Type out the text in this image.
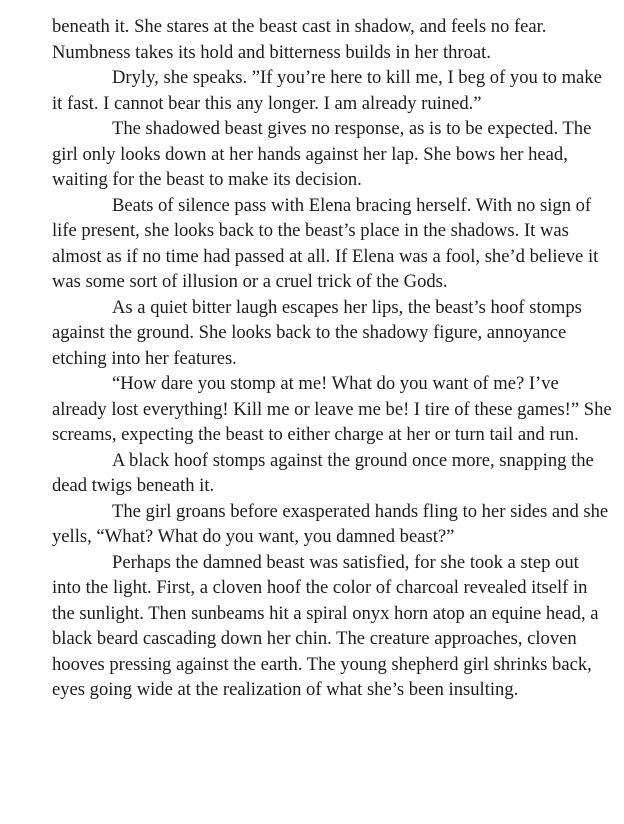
beneath it. She stares at the beast cast in shadow, and feels no fear. Numbness takes its hold and bitterness builds in her throat.

Dryly, she speaks. ”If you’re here to kill me, I beg of you to make it fast. I cannot bear this any longer. I am already ruined.”

The shadowed beast gives no response, as is to be expected. The girl only looks down at her hands against her lap. She bows her head, waiting for the beast to make its decision.

Beats of silence pass with Elena bracing herself. With no sign of life present, she looks back to the beast’s place in the shadows. It was almost as if no time had passed at all. If Elena was a fool, she’d believe it was some sort of illusion or a cruel trick of the Gods.

As a quiet bitter laugh escapes her lips, the beast’s hoof stomps against the ground. She looks back to the shadowy figure, annoyance etching into her features.

“How dare you stomp at me! What do you want of me? I’ve already lost everything! Kill me or leave me be! I tire of these games!” She screams, expecting the beast to either charge at her or turn tail and run.

A black hoof stomps against the ground once more, snapping the dead twigs beneath it.

The girl groans before exasperated hands fling to her sides and she yells, “What? What do you want, you damned beast?”

Perhaps the damned beast was satisfied, for she took a step out into the light. First, a cloven hoof the color of charcoal revealed itself in the sunlight. Then sunbeams hit a spiral onyx horn atop an equine head, a black beard cascading down her chin. The creature approaches, cloven hooves pressing against the earth. The young shepherd girl shrinks back, eyes going wide at the realization of what she’s been insulting.
